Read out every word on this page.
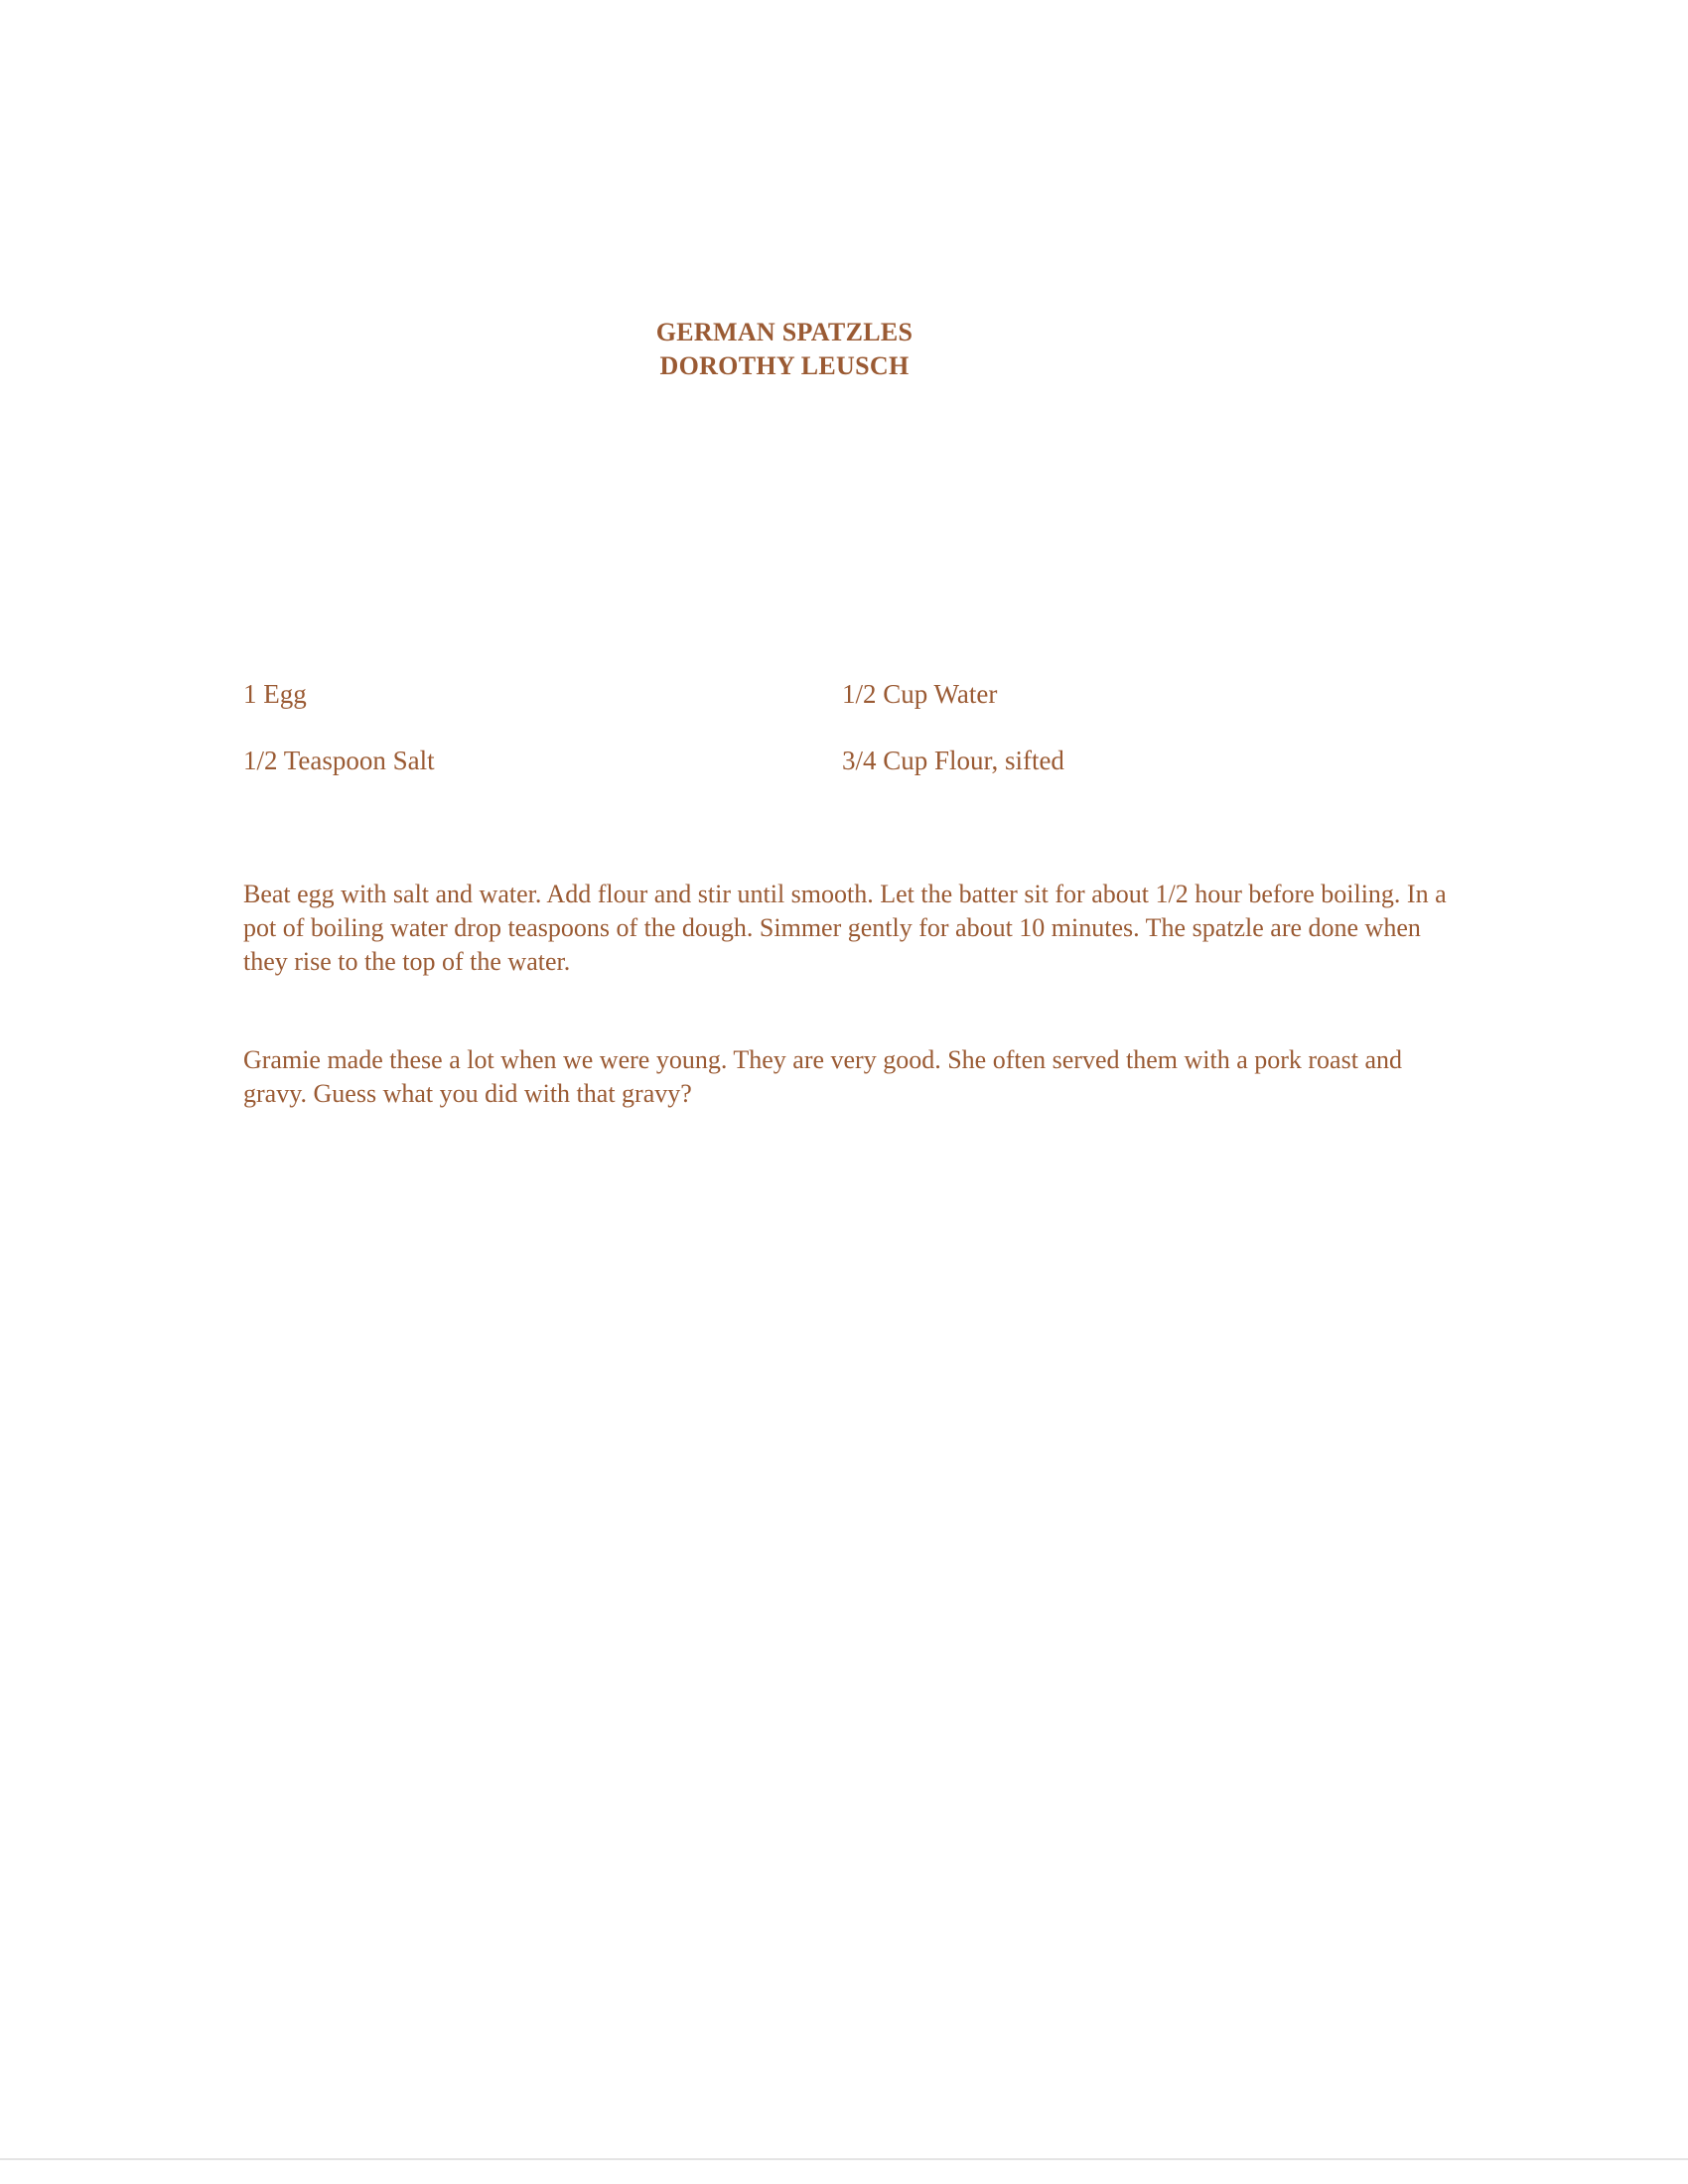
GERMAN SPATZLES
DOROTHY LEUSCH
1 Egg	1/2 Cup Water
1/2 Teaspoon Salt	3/4 Cup Flour, sifted

Beat egg with salt and water. Add flour and stir until smooth. Let the batter sit for about 1/2 hour before boiling. In a pot of boiling water drop teaspoons of the dough. Simmer gently for about 10 minutes. The spatzle are done when they rise to the top of the water.

Gramie made these a lot when we were young. They are very good. She often served them with a pork roast and gravy. Guess what you did with that gravy?
